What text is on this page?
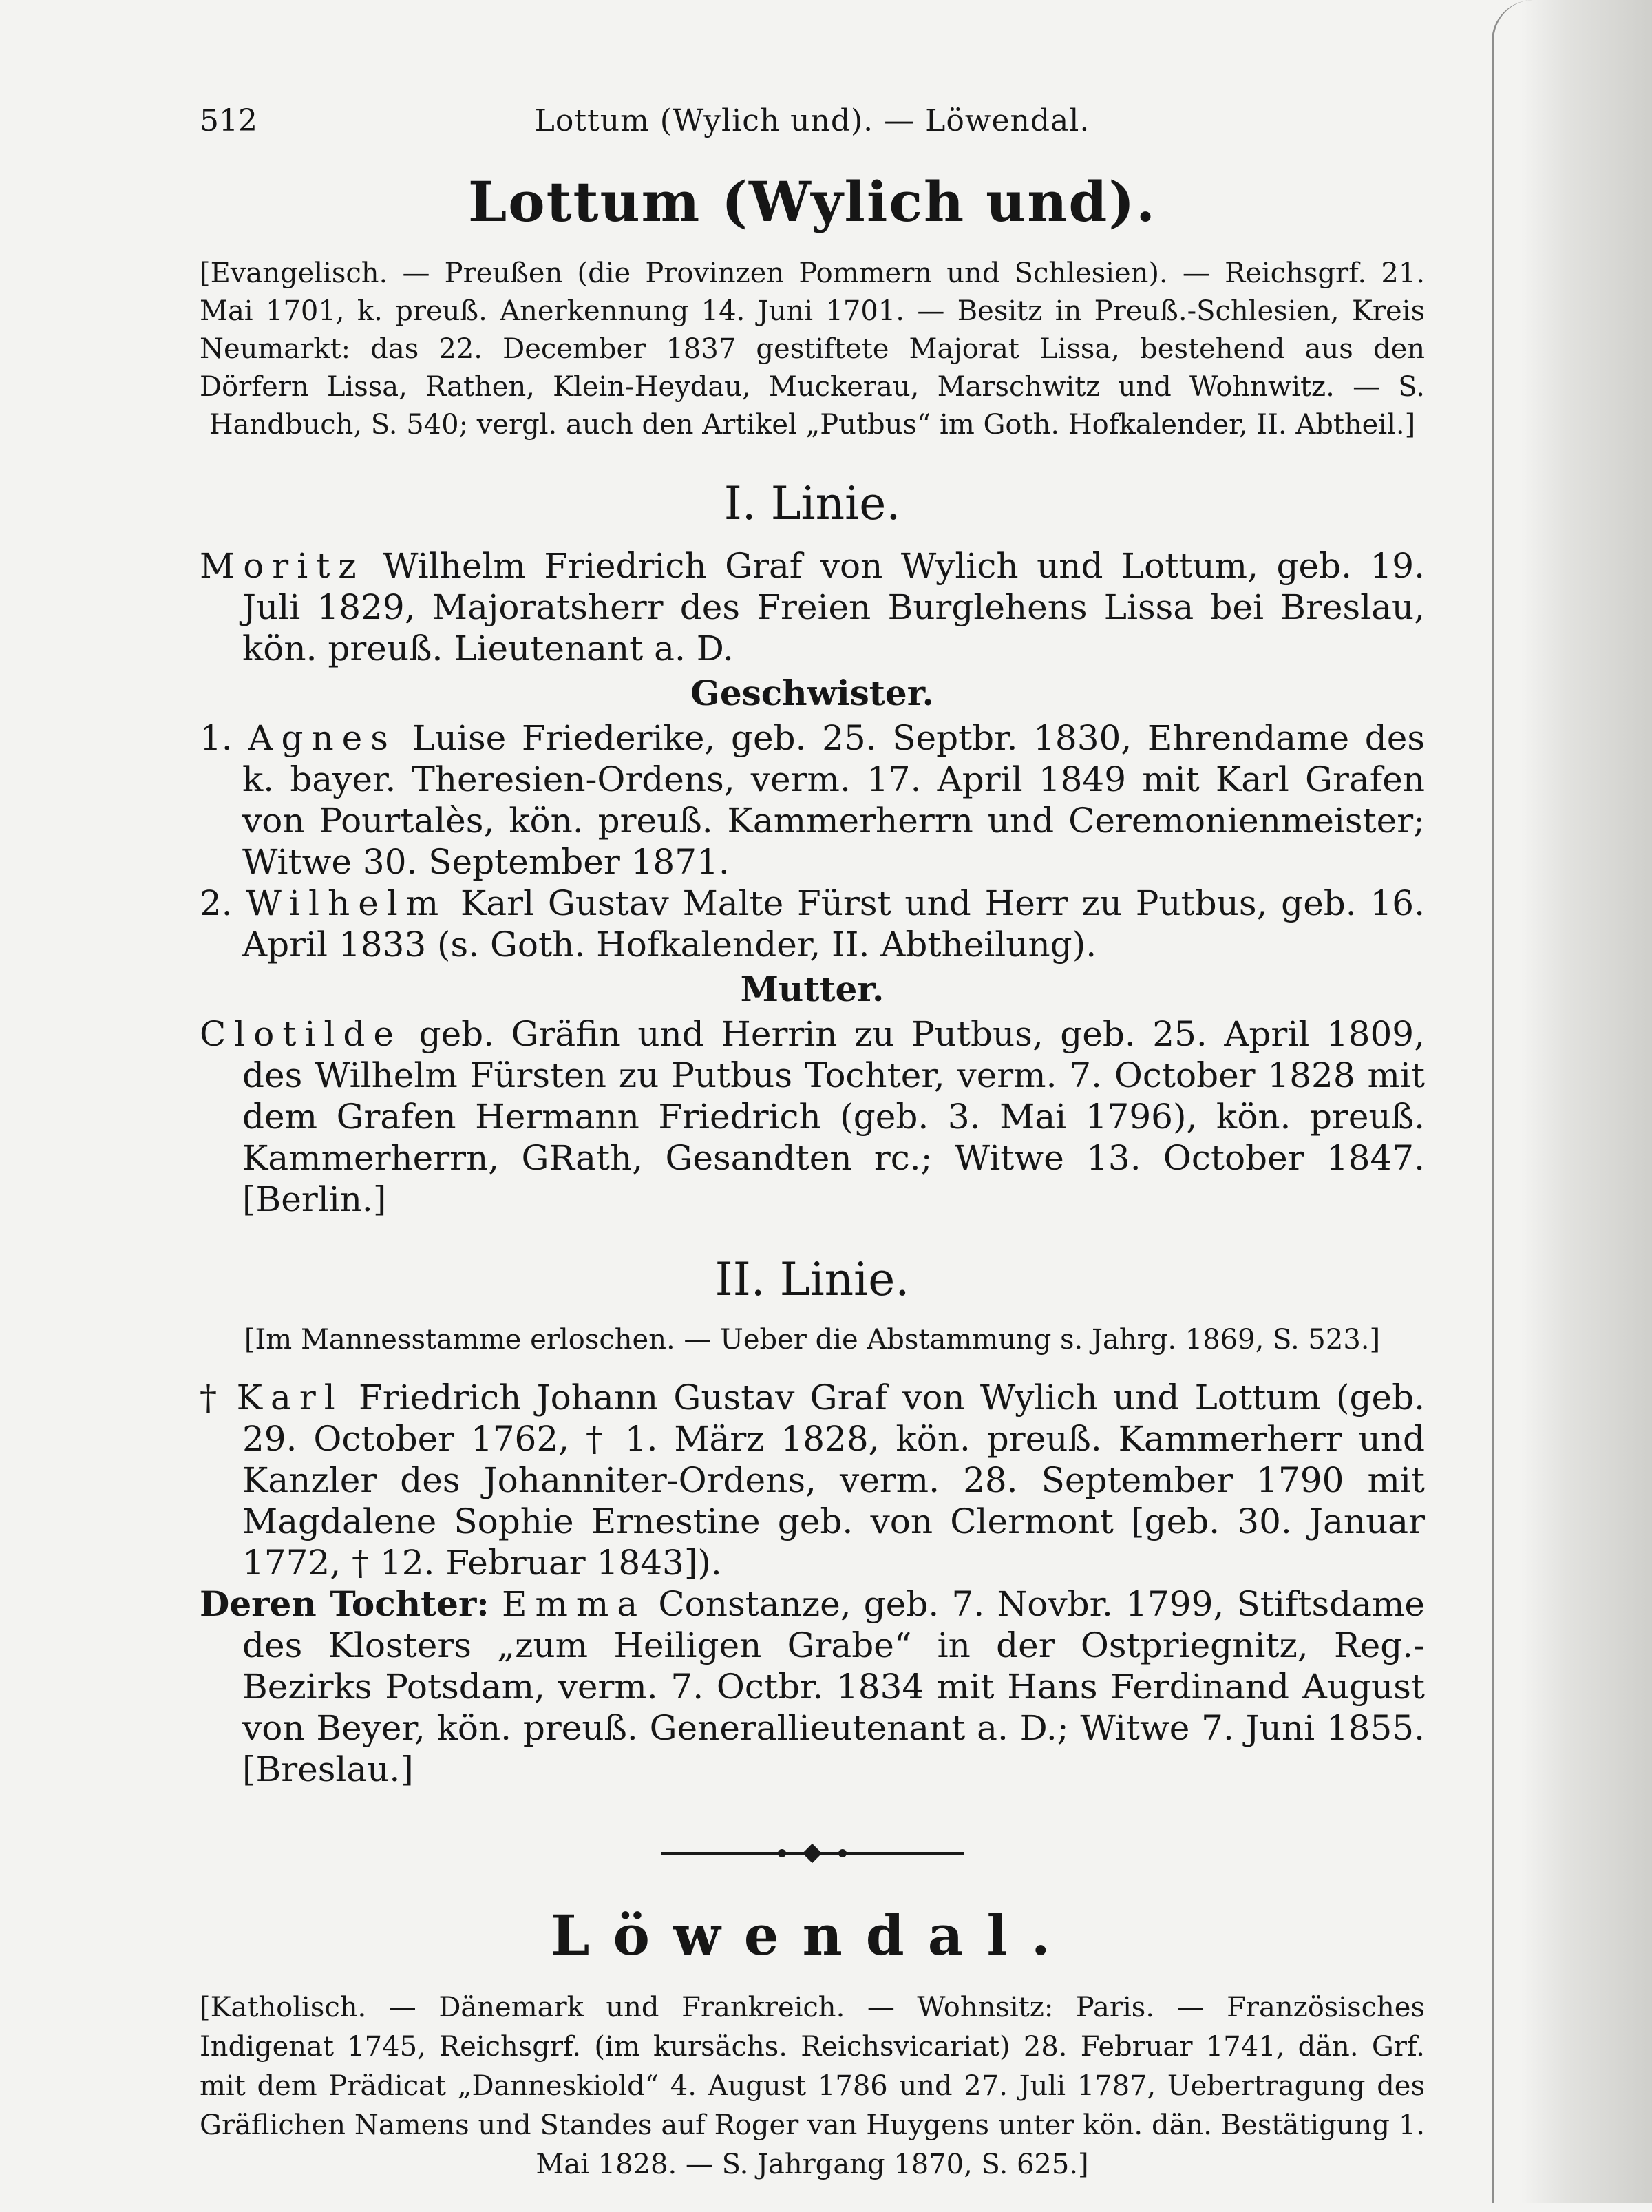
512	Lottum (Wylich und). — Löwendal.
Lottum (Wylich und).

[Evangelisch. — Preußen (die Provinzen Pommern und Schlesien). — Reichsgrf. 21. Mai 1701, k. preuß. Anerkennung 14. Juni 1701. — Besitz in Preuß.-Schlesien, Kreis Neumarkt: das 22. December 1837 gestiftete Majorat Lissa, bestehend aus den Dörfern Lissa, Rathen, Klein-Heydau, Muckerau, Marschwitz und Wohnwitz. — S. Handbuch, S. 540; vergl. auch den Artikel „Putbus“ im Goth. Hofkalender, II. Abtheil.]

I. Linie.

Moritz Wilhelm Friedrich Graf von Wylich und Lottum, geb. 19. Juli 1829, Majoratsherr des Freien Burglehens Lissa bei Breslau, kön. preuß. Lieutenant a. D.

Geschwister.

1. Agnes Luise Friederike, geb. 25. Septbr. 1830, Ehrendame des k. bayer. Theresien-Ordens, verm. 17. April 1849 mit Karl Grafen von Pourtalès, kön. preuß. Kammerherrn und Ceremonienmeister; Witwe 30. September 1871.

2. Wilhelm Karl Gustav Malte Fürst und Herr zu Putbus, geb. 16. April 1833 (s. Goth. Hofkalender, II. Abtheilung).

Mutter.

Clotilde geb. Gräfin und Herrin zu Putbus, geb. 25. April 1809, des Wilhelm Fürsten zu Putbus Tochter, verm. 7. October 1828 mit dem Grafen Hermann Friedrich (geb. 3. Mai 1796), kön. preuß. Kammerherrn, GRath, Gesandten rc.; Witwe 13. October 1847. [Berlin.]

II. Linie.

[Im Mannesstamme erloschen. — Ueber die Abstammung s. Jahrg. 1869, S. 523.]

† Karl Friedrich Johann Gustav Graf von Wylich und Lottum (geb. 29. October 1762, † 1. März 1828, kön. preuß. Kammerherr und Kanzler des Johanniter-Ordens, verm. 28. September 1790 mit Magdalene Sophie Ernestine geb. von Clermont [geb. 30. Januar 1772, † 12. Februar 1843]).

Deren Tochter: Emma Constanze, geb. 7. Novbr. 1799, Stiftsdame des Klosters „zum Heiligen Grabe“ in der Ostpriegnitz, Reg.-Bezirks Potsdam, verm. 7. Octbr. 1834 mit Hans Ferdinand August von Beyer, kön. preuß. Generallieutenant a. D.; Witwe 7. Juni 1855. [Breslau.]

Löwendal.

[Katholisch. — Dänemark und Frankreich. — Wohnsitz: Paris. — Französisches Indigenat 1745, Reichsgrf. (im kursächs. Reichsvicariat) 28. Februar 1741, dän. Grf. mit dem Prädicat „Danneskiold“ 4. August 1786 und 27. Juli 1787, Uebertragung des Gräflichen Namens und Standes auf Roger van Huygens unter kön. dän. Bestätigung 1. Mai 1828. — S. Jahrgang 1870, S. 625.]
